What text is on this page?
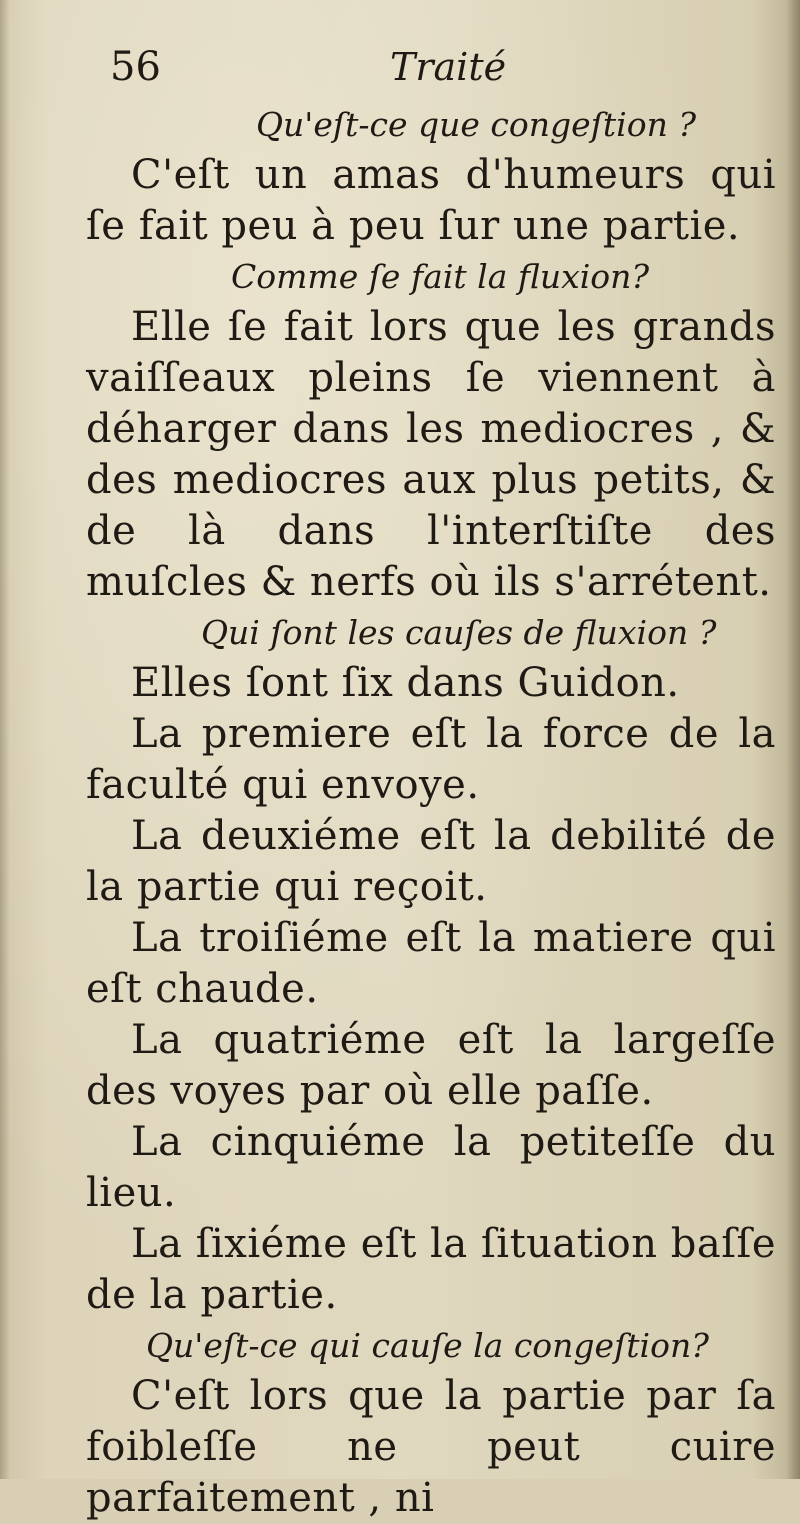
56	Traité
Qu'eſt-ce que congeſtion ?

C'eſt un amas d'humeurs qui ſe fait peu à peu ſur une partie.

Comme ſe fait la fluxion?

Elle ſe fait lors que les grands vaiſſeaux pleins ſe viennent à déharger dans les mediocres , & des mediocres aux plus petits, & de là dans l'interſtiſte des muſcles & nerfs où ils s'arrétent.

Qui ſont les cauſes de fluxion ?

Elles ſont ſix dans Guidon.

La premiere eſt la force de la faculté qui envoye.

La deuxiéme eſt la debilité de la partie qui reçoit.

La troiſiéme eſt la matiere qui eſt chaude.

La quatriéme eſt la largeſſe des voyes par où elle paſſe.

La cinquiéme la petiteſſe du lieu.

La ſixiéme eſt la ſituation baſſe de la partie.

Qu'eſt-ce qui cauſe la congeſtion?

C'eſt lors que la partie par ſa foibleſſe ne peut cuire parfaitement , ni
